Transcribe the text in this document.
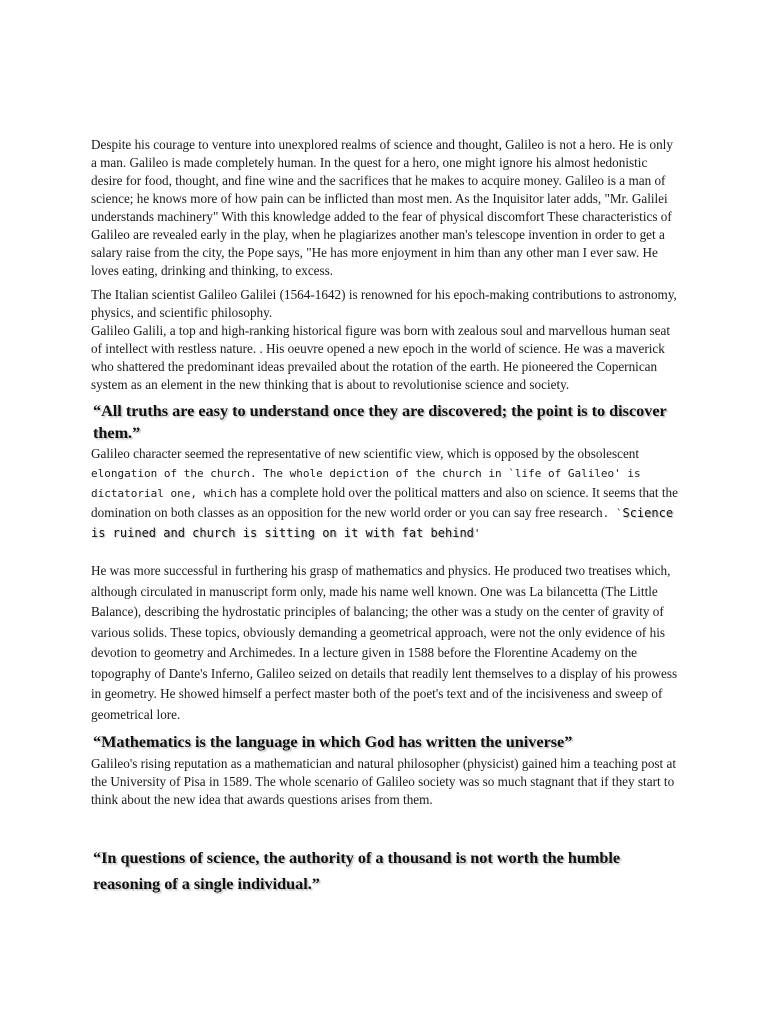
Despite his courage to venture into unexplored realms of science and thought, Galileo is not a hero. He is only a man. Galileo is made completely human. In the quest for a hero, one might ignore his almost hedonistic desire for food, thought, and fine wine and the sacrifices that he makes to acquire money. Galileo is a man of science; he knows more of how pain can be inflicted than most men. As the Inquisitor later adds, "Mr. Galilei understands machinery" With this knowledge added to the fear of physical discomfort These characteristics of Galileo are revealed early in the play, when he plagiarizes another man's telescope invention in order to get a salary raise from the city, the Pope says, "He has more enjoyment in him than any other man I ever saw. He loves eating, drinking and thinking, to excess.

The Italian scientist Galileo Galilei (1564-1642) is renowned for his epoch-making contributions to astronomy, physics, and scientific philosophy.

Galileo Galili, a top and high-ranking historical figure was born with zealous soul and marvellous human seat of intellect with restless nature. . His oeuvre opened a new epoch in the world of science. He was a maverick who shattered the predominant ideas prevailed about the rotation of the earth. He pioneered the Copernican system as an element in the new thinking that is about to revolutionise science and society.

“All truths are easy to understand once they are discovered; the point is to discover them.”

Galileo character seemed the representative of new scientific view, which is opposed by the obsolescent elongation of the church. The whole depiction of the church in `life of Galileo' is dictatorial one, which has a complete hold over the political matters and also on science. It seems that the domination on both classes as an opposition for the new world order or you can say free research. `Science is ruined and church is sitting on it with fat behind'

He was more successful in furthering his grasp of mathematics and physics. He produced two treatises which, although circulated in manuscript form only, made his name well known. One was La bilancetta (The Little Balance), describing the hydrostatic principles of balancing; the other was a study on the center of gravity of various solids. These topics, obviously demanding a geometrical approach, were not the only evidence of his devotion to geometry and Archimedes. In a lecture given in 1588 before the Florentine Academy on the topography of Dante's Inferno, Galileo seized on details that readily lent themselves to a display of his prowess in geometry. He showed himself a perfect master both of the poet's text and of the incisiveness and sweep of geometrical lore.

“Mathematics is the language in which God has written the universe”

Galileo's rising reputation as a mathematician and natural philosopher (physicist) gained him a teaching post at the University of Pisa in 1589. The whole scenario of Galileo society was so much stagnant that if they start to think about the new idea that awards questions arises from them.

“In questions of science, the authority of a thousand is not worth the humble reasoning of a single individual.”
